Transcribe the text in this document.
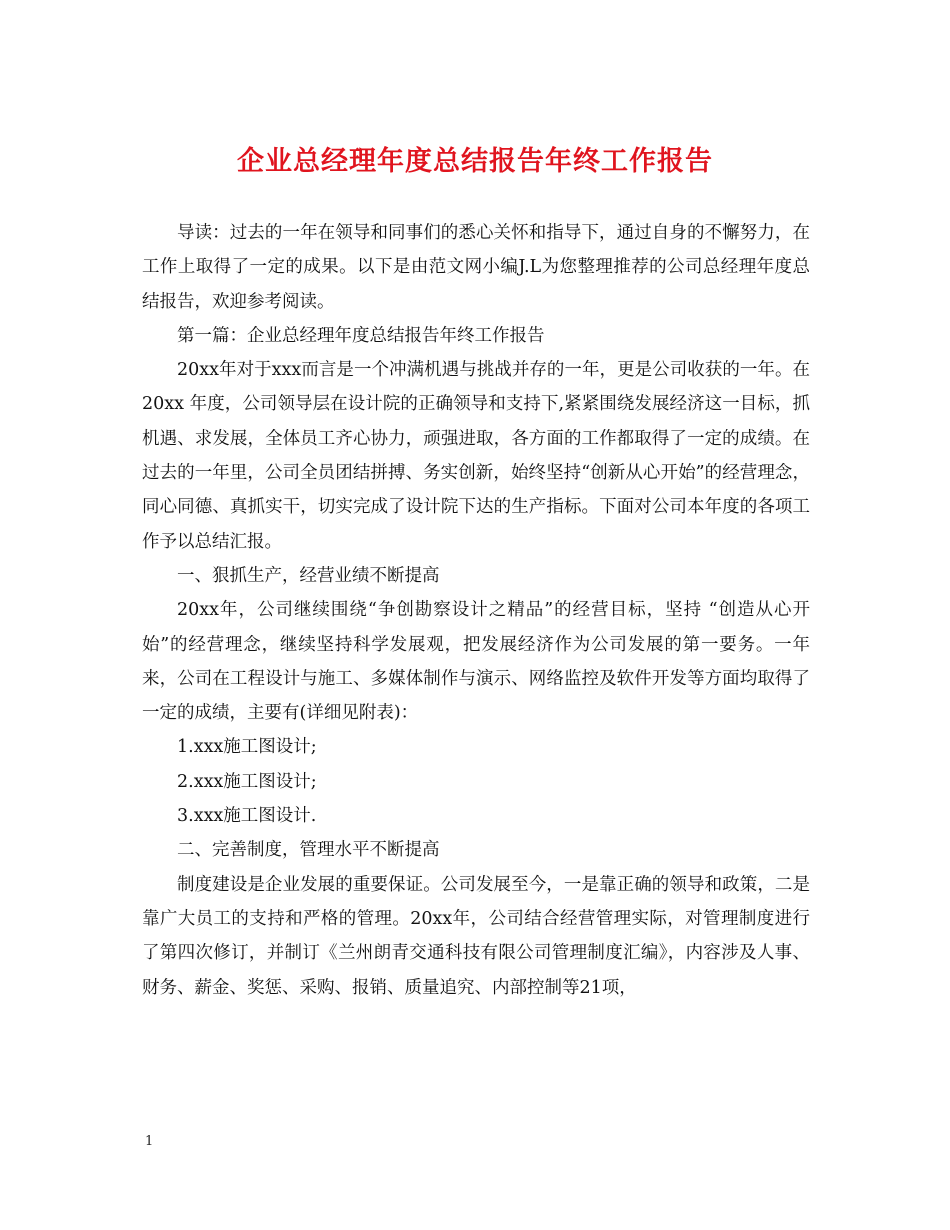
企业总经理年度总结报告年终工作报告

导读：过去的一年在领导和同事们的悉心关怀和指导下，通过自身的不懈努力，在工作上取得了一定的成果。以下是由范文网小编J.L为您整理推荐的公司总经理年度总结报告，欢迎参考阅读。

第一篇：企业总经理年度总结报告年终工作报告

20xx年对于xxx而言是一个冲满机遇与挑战并存的一年，更是公司收获的一年。在20xx 年度，公司领导层在设计院的正确领导和支持下,紧紧围绕发展经济这一目标，抓机遇、求发展，全体员工齐心协力，顽强进取，各方面的工作都取得了一定的成绩。在过去的一年里，公司全员团结拼搏、务实创新，始终坚持“创新从心开始”的经营理念，同心同德、真抓实干，切实完成了设计院下达的生产指标。下面对公司本年度的各项工作予以总结汇报。

一、狠抓生产，经营业绩不断提高

20xx年，公司继续围绕“争创勘察设计之精品”的经营目标，坚持 “创造从心开始”的经营理念，继续坚持科学发展观，把发展经济作为公司发展的第一要务。一年来，公司在工程设计与施工、多媒体制作与演示、网络监控及软件开发等方面均取得了一定的成绩，主要有(详细见附表)：

1.xxx施工图设计;

2.xxx施工图设计;

3.xxx施工图设计.

二、完善制度，管理水平不断提高

制度建设是企业发展的重要保证。公司发展至今，一是靠正确的领导和政策，二是靠广大员工的支持和严格的管理。20xx年，公司结合经营管理实际，对管理制度进行了第四次修订，并制订《兰州朗青交通科技有限公司管理制度汇编》，内容涉及人事、财务、薪金、奖惩、采购、报销、质量追究、内部控制等21项，

1
